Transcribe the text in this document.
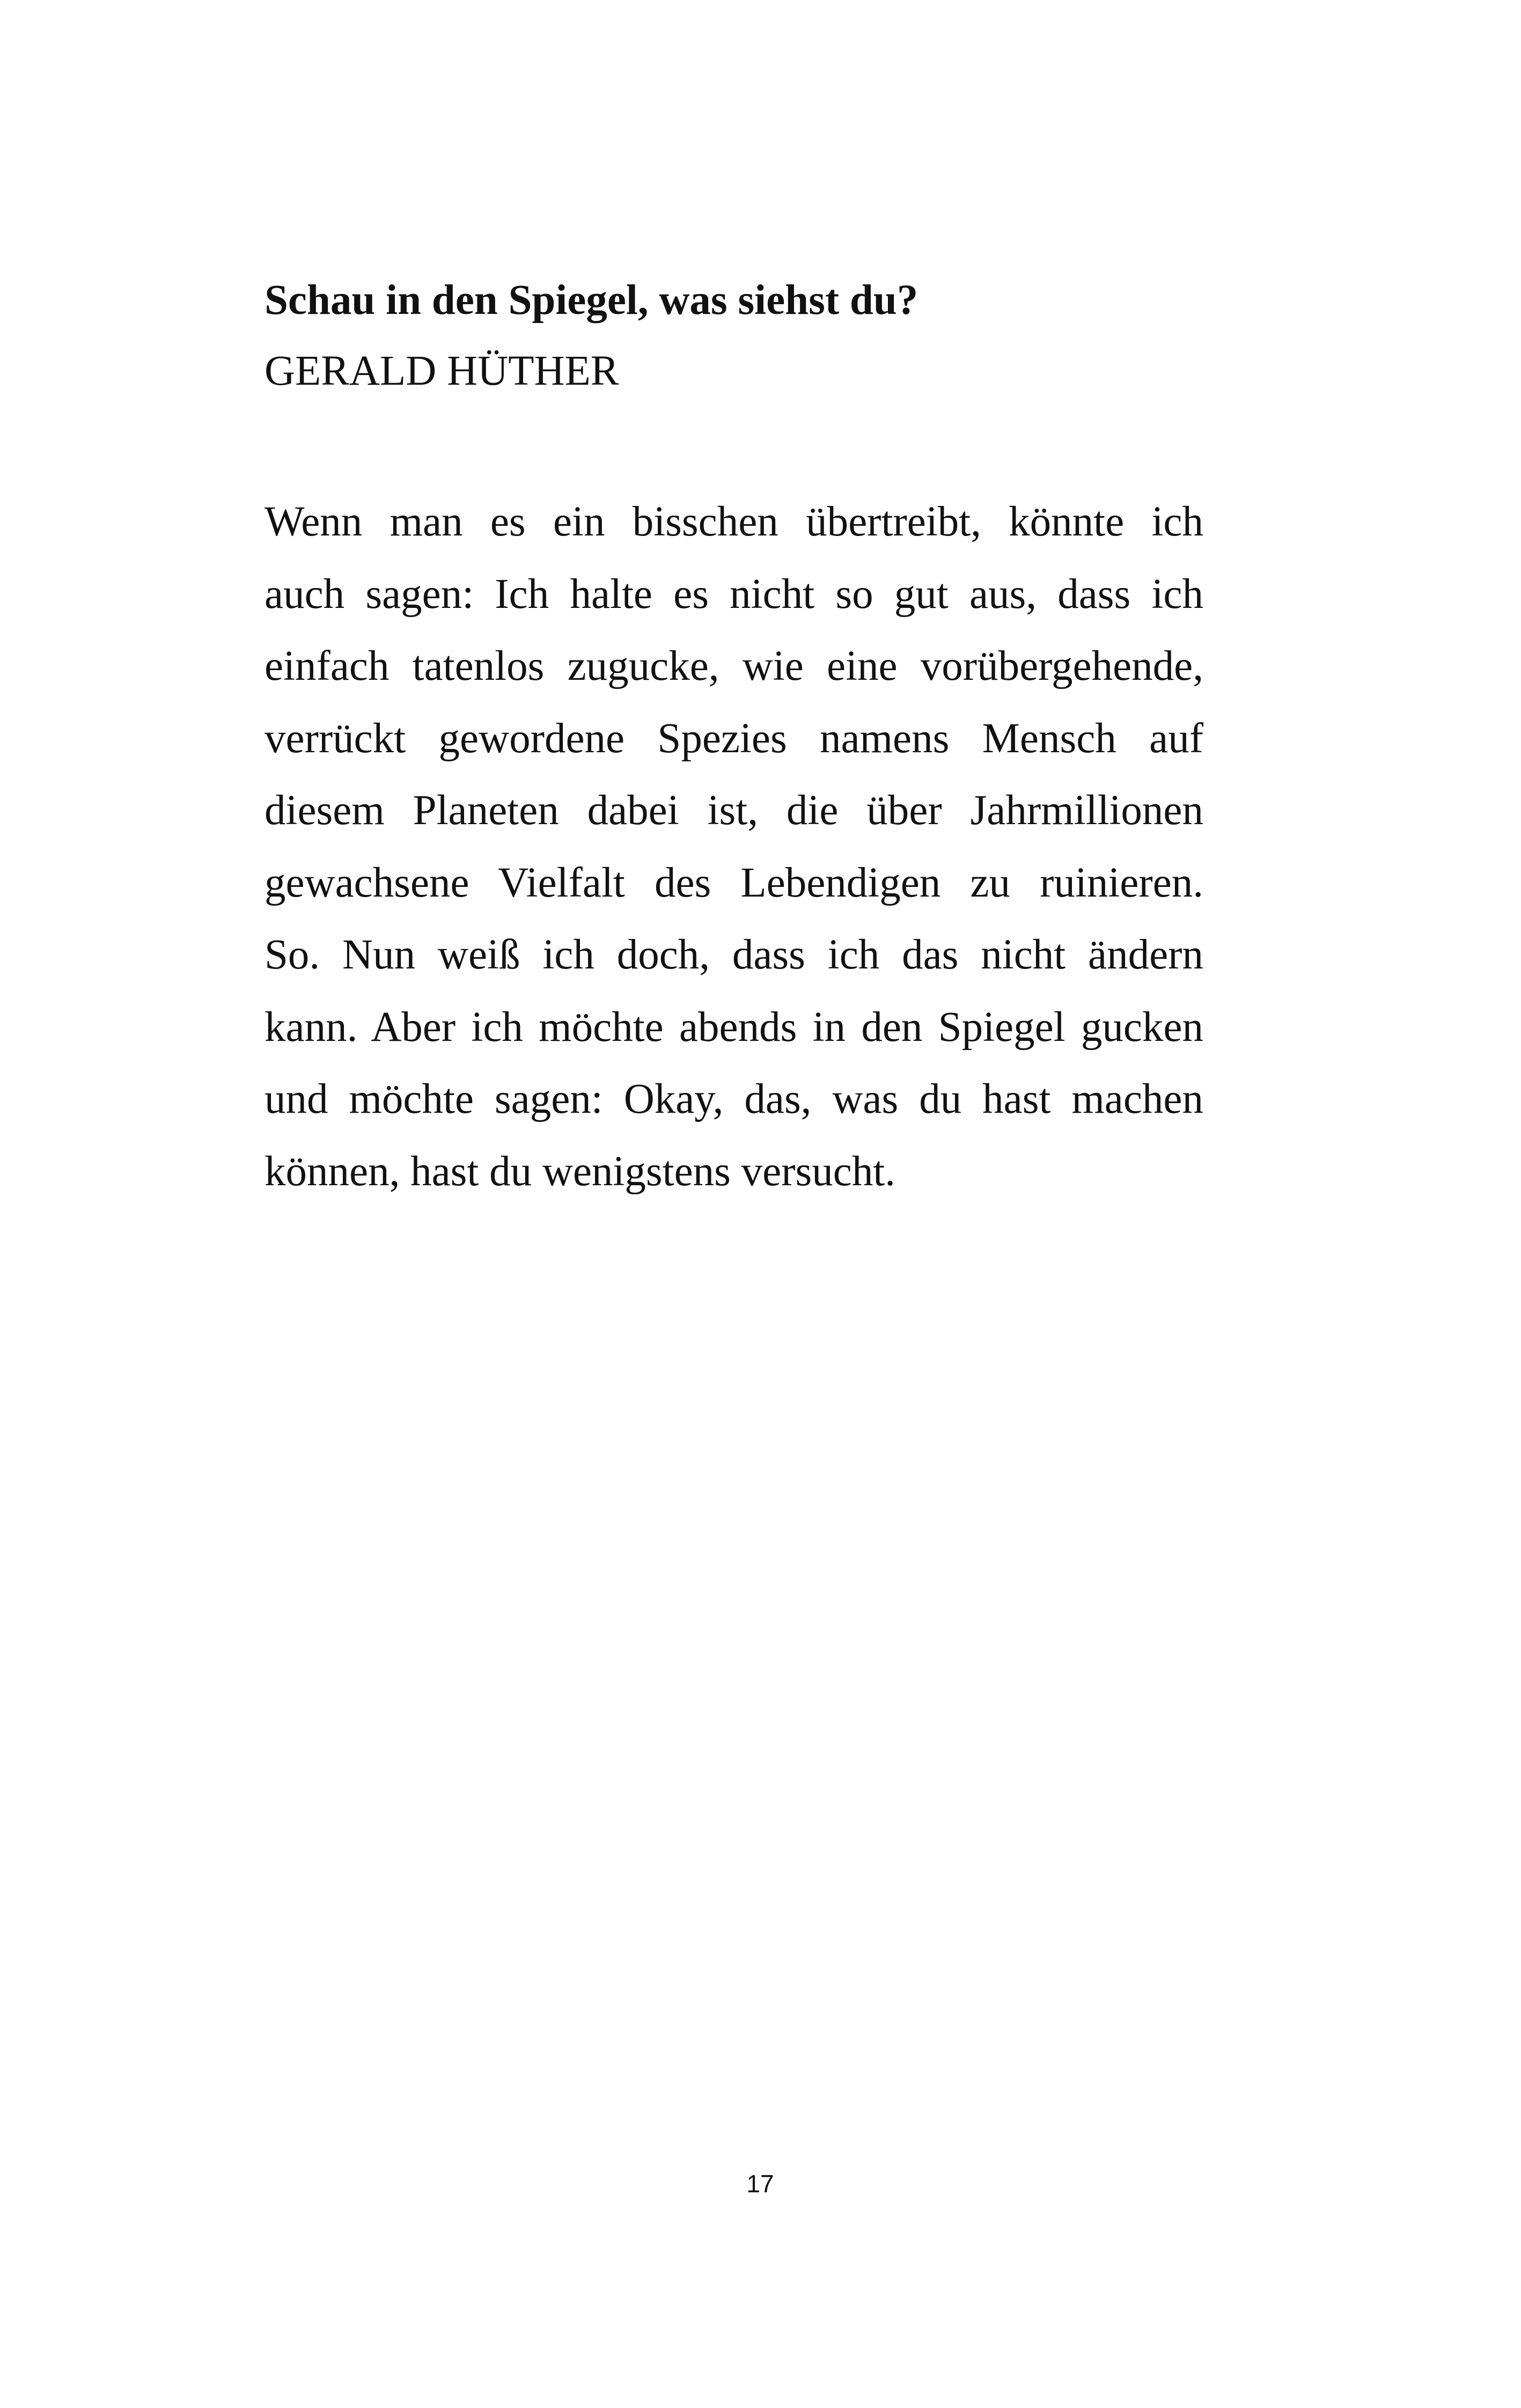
Schau in den Spiegel, was siehst du?
GERALD HÜTHER

Wenn man es ein bisschen übertreibt, könnte ich
auch sagen: Ich halte es nicht so gut aus, dass ich
einfach tatenlos zugucke, wie eine vorübergehende,
verrückt gewordene Spezies namens Mensch auf
diesem Planeten dabei ist, die über Jahrmillionen
gewachsene Vielfalt des Lebendigen zu ruinieren.
So. Nun weiß ich doch, dass ich das nicht ändern
kann. Aber ich möchte abends in den Spiegel gucken
und möchte sagen: Okay, das, was du hast machen
können, hast du wenigstens versucht.

17
